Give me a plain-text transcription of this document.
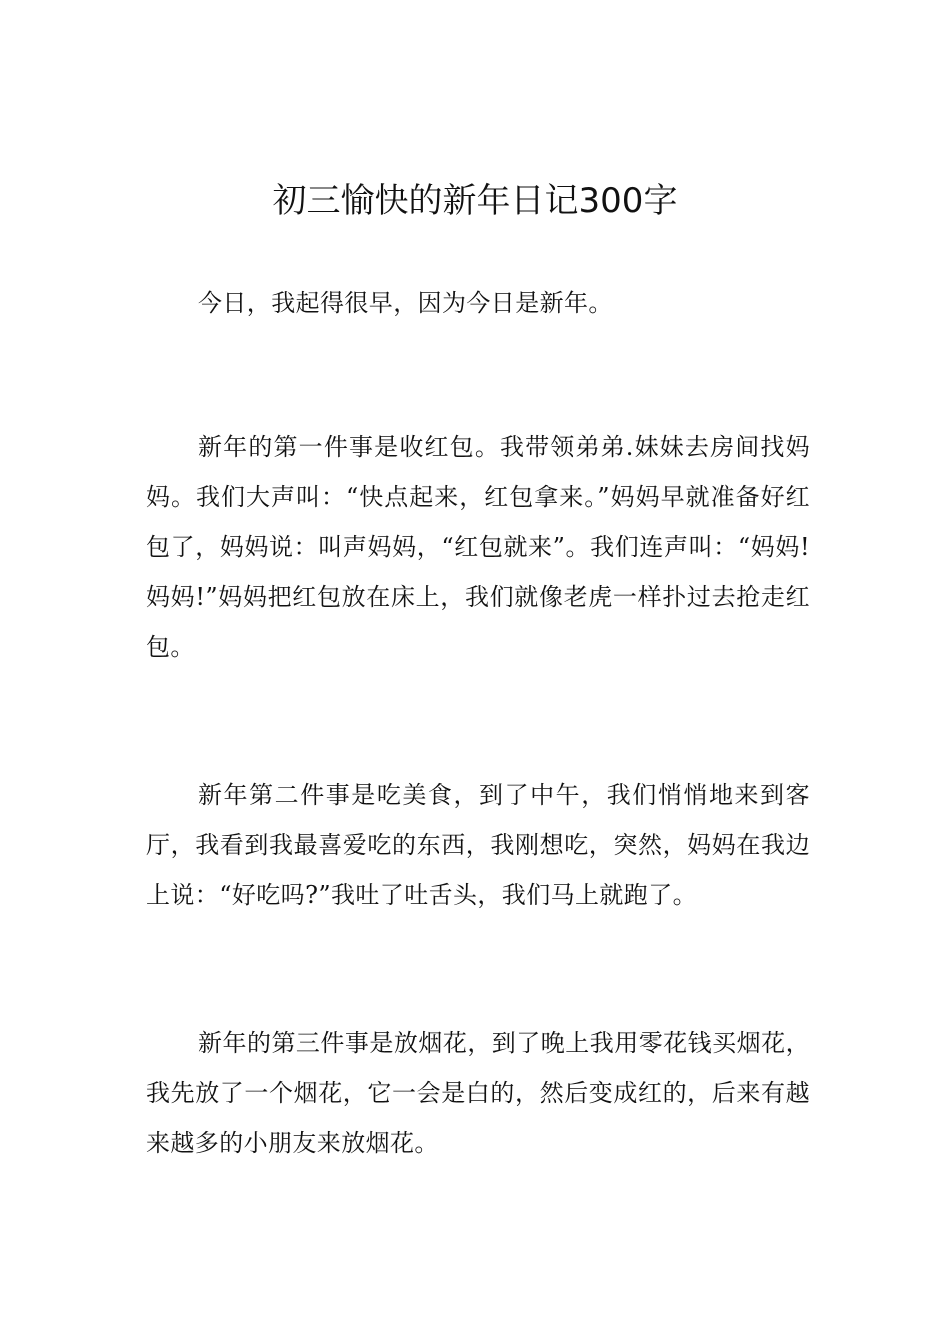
初三愉快的新年日记300字

今日，我起得很早，因为今日是新年。

新年的第一件事是收红包。我带领弟弟.妹妹去房间找妈妈。我们大声叫：“快点起来，红包拿来。”妈妈早就准备好红包了，妈妈说：叫声妈妈，“红包就来”。我们连声叫：“妈妈!妈妈!”妈妈把红包放在床上，我们就像老虎一样扑过去抢走红包。

新年第二件事是吃美食，到了中午，我们悄悄地来到客厅，我看到我最喜爱吃的东西，我刚想吃，突然，妈妈在我边上说：“好吃吗?”我吐了吐舌头，我们马上就跑了。

新年的第三件事是放烟花，到了晚上我用零花钱买烟花，我先放了一个烟花，它一会是白的，然后变成红的，后来有越来越多的小朋友来放烟花。
